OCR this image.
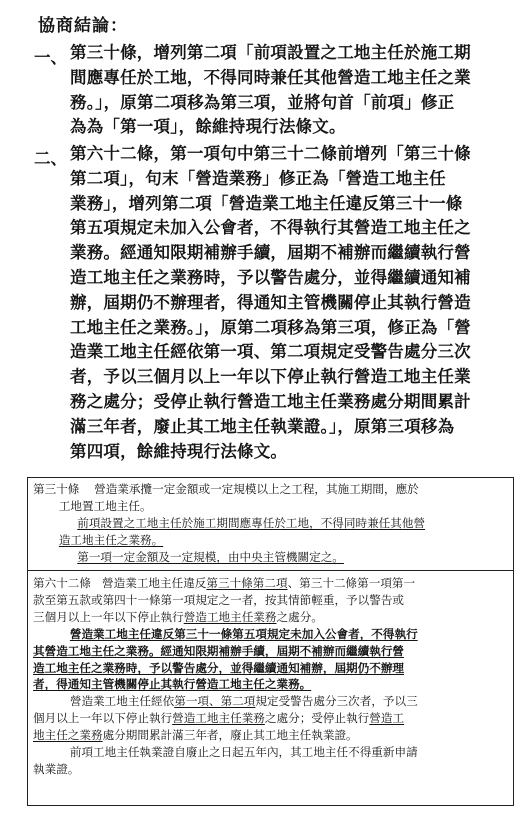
協商結論：
一、 第三十條，增列第二項「前項設置之工地主任於施工期
間應專任於工地，不得同時兼任其他營造工地主任之業
務。」，原第二項移為第三項，並將句首「前項」修正
為為「第一項」，餘維持現行法條文。
二、 第六十二條，第一項句中第三十二條前增列「第三十條
第二項」，句末「營造業務」修正為「營造工地主任
業務」，增列第二項「營造業工地主任違反第三十一條
第五項規定未加入公會者，不得執行其營造工地主任之
業務。經通知限期補辦手續，屆期不補辦而繼續執行營
造工地主任之業務時，予以警告處分，並得繼續通知補
辦，屆期仍不辦理者，得通知主管機關停止其執行營造
工地主任之業務。」，原第二項移為第三項，修正為「營
造業工地主任經依第一項、第二項規定受警告處分三次
者，予以三個月以上一年以下停止執行營造工地主任業
務之處分；受停止執行營造工地主任業務處分期間累計
滿三年者，廢止其工地主任執業證。」，原第三項移為
第四項，餘維持現行法條文。
第三十條 營造業承攬一定金額或一定規模以上之工程，其施工期間，應於
工地置工地主任。
前項設置之工地主任於施工期間應專任於工地，不得同時兼任其他營
造工地主任之業務。
第一項一定金額及一定規模，由中央主管機關定之。
第六十二條 營造業工地主任違反第三十條第二項、第三十二條第一項第一
款至第五款或第四十一條第一項規定之一者，按其情節輕重，予以警告或
三個月以上一年以下停止執行營造工地主任業務之處分。
營造業工地主任違反第三十一條第五項規定未加入公會者，不得執行
其營造工地主任之業務。經通知限期補辦手續，屆期不補辦而繼續執行營
造工地主任之業務時，予以警告處分，並得繼續通知補辦，屆期仍不辦理
者，得通知主管機關停止其執行營造工地主任之業務。
營造業工地主任經依第一項、第二項規定受警告處分三次者，予以三
個月以上一年以下停止執行營造工地主任業務之處分；受停止執行營造工
地主任之業務處分期間累計滿三年者，廢止其工地主任執業證。
前項工地主任執業證自廢止之日起五年內，其工地主任不得重新申請
執業證。
